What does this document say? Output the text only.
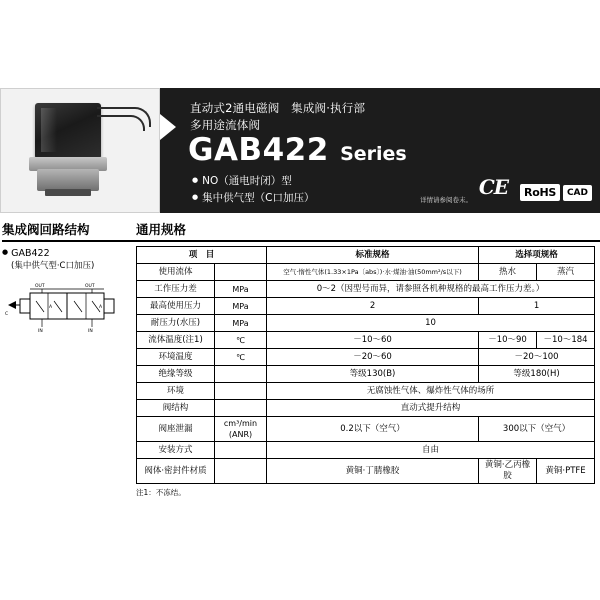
直动式2通电磁阀　集成阀·执行部
多用途流体阀
GAB422 Series
● NO（通电时闭）型
● 集中供气型（C口加压）	详情请参阅卷末。
CE	RoHS	CAD
集成阀回路结构
● GAB422
(集中供气型·C口加压)
OUT	OUT
IN	IN
A	A
C
通用规格
项　目		标准规格	选择项规格	
使用流体		空气·惰性气体(1.33×1Pa〔abs〕)·水·煤油·油(50mm²/s以下)	热水	蒸汽
工作压力差	MPa	0～2（因型号而异，请参照各机种规格的最高工作压力差。）		
最高使用压力	MPa	2	1	
耐压力(水压)	MPa	10		
流体温度(注1)	℃	－10～60	－10～90	－10～184
环境温度	℃	－20～60	－20～100	
绝缘等级		等级130(B)	等级180(H)	
环境		无腐蚀性气体、爆炸性气体的场所		
阀结构		直动式提升结构		
阀座泄漏	cm³/min (ANR)	0.2以下（空气）	300以下（空气）	
安装方式		自由		
阀体·密封件材质		黄铜·丁腈橡胶	黄铜·乙丙橡胶	黄铜·PTFE
注1：不冻结。
